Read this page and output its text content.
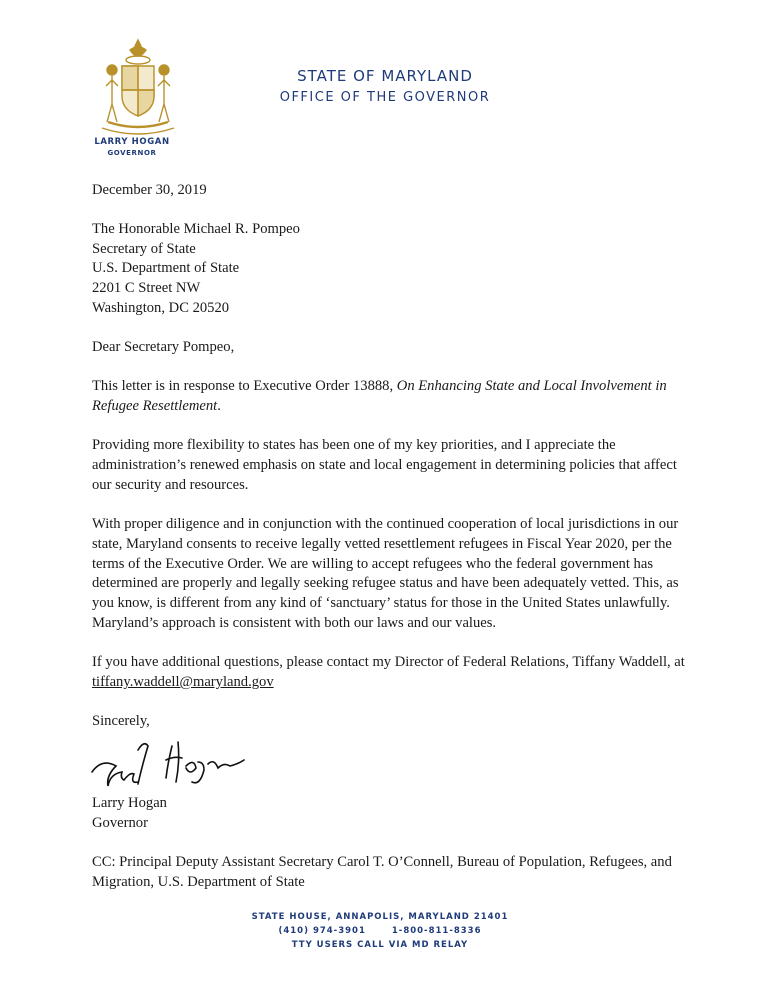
STATE OF MARYLAND
OFFICE OF THE GOVERNOR
LARRY HOGAN
GOVERNOR

December 30, 2019

The Honorable Michael R. Pompeo

Secretary of State

U.S. Department of State

2201 C Street NW

Washington, DC 20520

Dear Secretary Pompeo,

This letter is in response to Executive Order 13888, On Enhancing State and Local Involvement in Refugee Resettlement.

Providing more flexibility to states has been one of my key priorities, and I appreciate the administration’s renewed emphasis on state and local engagement in determining policies that affect our security and resources.

With proper diligence and in conjunction with the continued cooperation of local jurisdictions in our state, Maryland consents to receive legally vetted resettlement refugees in Fiscal Year 2020, per the terms of the Executive Order. We are willing to accept refugees who the federal government has determined are properly and legally seeking refugee status and have been adequately vetted. This, as you know, is different from any kind of ‘sanctuary’ status for those in the United States unlawfully. Maryland’s approach is consistent with both our laws and our values.

If you have additional questions, please contact my Director of Federal Relations, Tiffany Waddell, at tiffany.waddell@maryland.gov

Sincerely,

Larry Hogan

Governor

CC: Principal Deputy Assistant Secretary Carol T. O’Connell, Bureau of Population, Refugees, and Migration, U.S. Department of State

STATE HOUSE, ANNAPOLIS, MARYLAND 21401
(410) 974-3901	1-800-811-8336
TTY USERS CALL VIA MD RELAY
